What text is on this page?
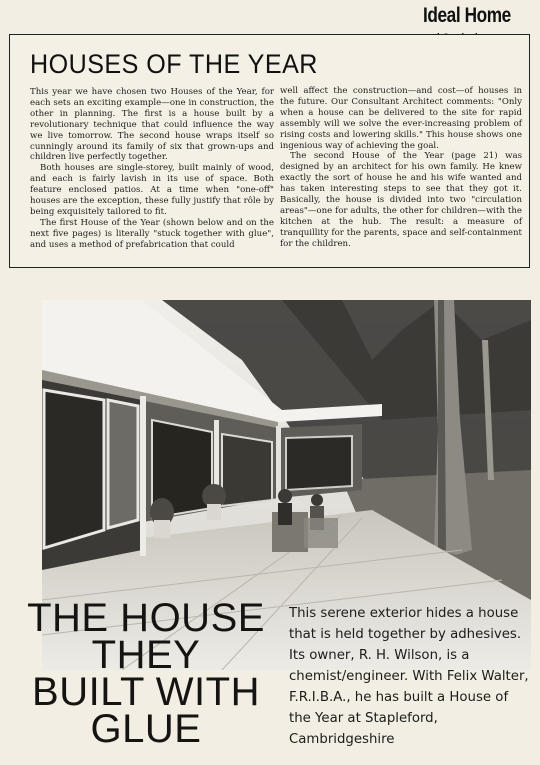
Ideal Home
HOUSES OF THE YEAR

This year we have chosen two Houses of the Year, for each sets an exciting example—one in construction, the other in planning. The first is a house built by a revolutionary technique that could influence the way we live tomorrow. The second house wraps itself so cunningly around its family of six that grown-ups and children live perfectly together.

Both houses are single-storey, built mainly of wood, and each is fairly lavish in its use of space. Both feature enclosed patios. At a time when "one-off" houses are the exception, these fully justify that rôle by being exquisitely tailored to fit.

The first House of the Year (shown below and on the next five pages) is literally "stuck together with glue", and uses a method of prefabrication that could

well affect the construction—and cost—of houses in the future. Our Consultant Architect comments: "Only when a house can be delivered to the site for rapid assembly will we solve the ever-increasing problem of rising costs and lowering skills." This house shows one ingenious way of achieving the goal.

The second House of the Year (page 21) was designed by an architect for his own family. He knew exactly the sort of house he and his wife wanted and has taken interesting steps to see that they got it. Basically, the house is divided into two "circulation areas"—one for adults, the other for children—with the kitchen at the hub. The result: a measure of tranquillity for the parents, space and self-containment for the children.

THE HOUSE
THEY
BUILT WITH
GLUE
This serene exterior hides a house that is held together by adhesives. Its owner, R. H. Wilson, is a chemist/engineer. With Felix Walter, F.R.I.B.A., he has built a House of the Year at Stapleford, Cambridgeshire
